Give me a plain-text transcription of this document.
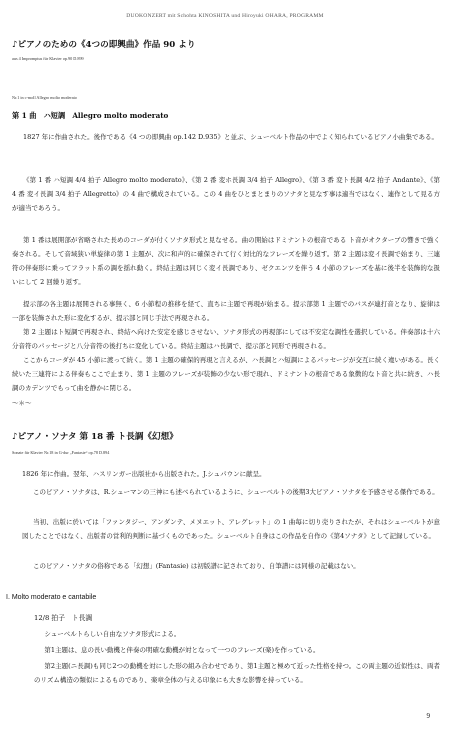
DUOKONZERT mit Schohta KINOSHITA und Hiroyuki OHARA, PROGRAMM
♪ピアノのための《4つの即興曲》作品 90 より
aus 4 Impromptus für Klavier op.90 D.899
Nr.1 in c-moll Allegro molto moderato
第 1 曲　ハ短調　Allegro molto moderato
1827 年に作曲された。後作である《4 つの即興曲 op.142 D.935》と並ぶ、シューベルト作品の中でよく知られているピアノ小曲集である。
《第 1 番 ハ短調 4/4 拍子 Allegro molto moderato》、《第 2 番 変ホ長調 3/4 拍子 Allegro》、《第 3 番 変ト長調 4/2 拍子 Andante》、《第 4 番 変イ長調 3/4 拍子 Allegretto》の 4 曲で構成されている。この 4 曲をひとまとまりのソナタと見なす事は適当ではなく、連作として見る方が適当であろう。
第 1 番は展開部が省略された長めのコーダが付くソナタ形式と見なせる。曲の開始はドミナントの根音である ト音がオクターブの響きで強く奏される。そして音域狭い単旋律の第 1 主題が、次に和声的に確保されて行く対比的なフレーズを繰り返す。第 2 主題は変イ長調で始まり、三連符の伴奏形に乗ってフラット系の調を揺れ動く。終結主題は同じく変イ長調であり、ゼクエンツを伴う 4 小節のフレーズを基に後半を装飾的な扱いにして 2 回繰り返す。
提示部の各主題は展開される事無く、6 小節程の推移を経て、直ちに主題で再現が始まる。提示部第 1 主題でのバスが連打音となり、旋律は一部を装飾された形に変化するが、提示部と同じ手法で再現される。
第 2 主題はト短調で再現され、終結へ向けた安定を感じさせない、ソナタ形式の再現部にしては不安定な調性を選択している。伴奏部は十六分音符のパッセージと八分音符の後打ちに変化している。終結主題はハ長調で、提示部と同形で再現される。
ここからコーダが 45 小節に渡って続く。第 1 主題の確保的再現と言えるが、ハ長調とハ短調によるパッセージが交互に続く違いがある。長く続いた三連符による伴奏もここで止まり、第 1 主題のフレーズが装飾の少ない形で現れ、ドミナントの根音である象徴的なト音と共に続き、ハ長調のカデンツでもって曲を静かに閉じる。
～＊～
♪ピアノ・ソナタ 第 18 番 ト長調《幻想》
Sonate für Klavier Nr.18 in G-dur „Fantasie“ op.78 D.894
1826 年に作曲。翌年、ハスリンガー出版社から出版された。J.シュパウンに献呈。
このピアノ・ソナタは、R.シューマンの三神にも述べられているように、シューベルトの後期3大ピアノ・ソナタを予感させる傑作である。
当初、出版に於いては「ファンタジー、アンダンテ、メヌエット、アレグレット」の 1 曲毎に切り売りされたが、それはシューベルトが意図したことではなく、出版者の営利的判断に基づくものであった。シューベルト自身はこの作品を自作の《第4ソナタ》として記録している。
このピアノ・ソナタの俗称である「幻想」(Fantasie) は初版譜に記されており、自筆譜には同様の記載はない。
I. Molto moderato e cantabile
12/8 拍子　ト長調
シューベルトらしい自由なソナタ形式による。
第1主題は、息の長い動機と伴奏の明確な動機が対となって一つのフレーズ(楽)を作っている。
第2主題(ニ長調)も同じ2つの動機を対にした形の組み合わせであり、第1主題と極めて近った性格を持つ。この両主題の近似性は、両者のリズム構造の類似によるものであり、楽章全体の与える印象にも大きな影響を持っている。
9
